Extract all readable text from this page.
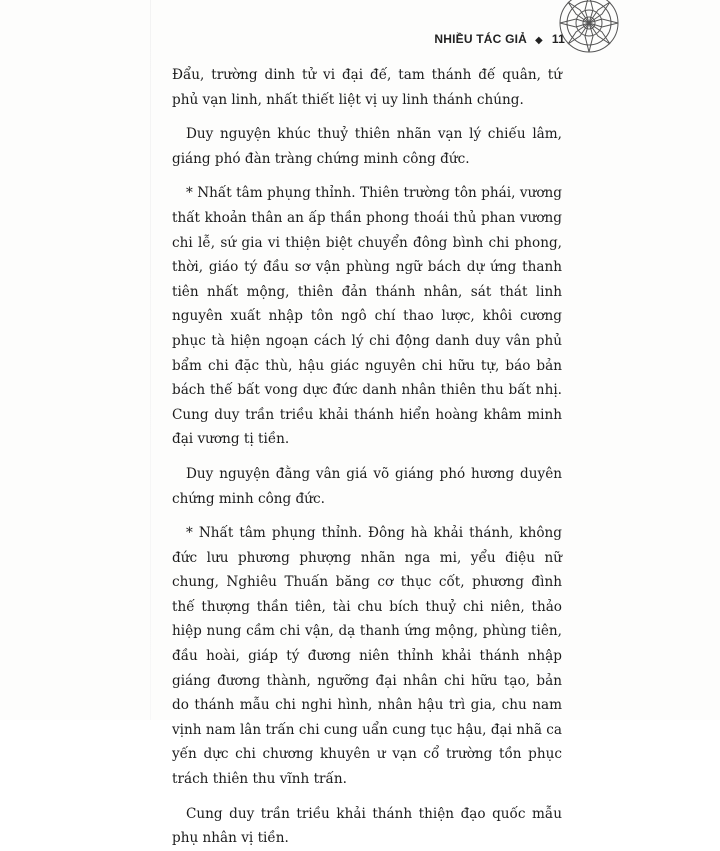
NHIỀU TÁC GIẢ ◆ 11

Đẩu, trường dinh tử vi đại đế, tam thánh đế quân, tứ phủ vạn linh, nhất thiết liệt vị uy linh thánh chúng.

Duy nguyện khúc thuỷ thiên nhãn vạn lý chiếu lâm, giáng phó đàn tràng chứng minh công đức.

* Nhất tâm phụng thỉnh. Thiên trường tôn phái, vương thất khoản thân an ấp thần phong thoái thủ phan vương chi lễ, sứ gia vi thiện biệt chuyển đông bình chi phong, thời, giáo tý đầu sơ vận phùng ngữ bách dự ứng thanh tiên nhất mộng, thiên đản thánh nhân, sát thát linh nguyên xuất nhập tôn ngô chí thao lược, khôi cương phục tà hiện ngoạn cách lý chi động danh duy vân phủ bẩm chi đặc thù, hậu giác nguyên chi hữu tự, báo bản bách thế bất vong dực đức danh nhân thiên thu bất nhị. Cung duy trần triều khải thánh hiển hoàng khâm minh đại vương tị tiền.

Duy nguyện đằng vân giá võ giáng phó hương duyên chứng minh công đức.

* Nhất tâm phụng thỉnh. Đông hà khải thánh, không đức lưu phương phượng nhãn nga mi, yểu điệu nữ chung, Nghiêu Thuấn băng cơ thục cốt, phương đình thế thượng thần tiên, tài chu bích thuỷ chi niên, thảo hiệp nung cầm chi vận, dạ thanh ứng mộng, phùng tiên, đầu hoài, giáp tý đương niên thỉnh khải thánh nhập giáng đương thành, ngưỡng đại nhân chi hữu tạo, bản do thánh mẫu chi nghi hình, nhân hậu trì gia, chu nam vịnh nam lân trấn chi cung uẩn cung tục hậu, đại nhã ca yến dực chi chương khuyên ư vạn cổ trường tồn phục trách thiên thu vĩnh trấn.

Cung duy trần triều khải thánh thiện đạo quốc mẫu phụ nhân vị tiền.
